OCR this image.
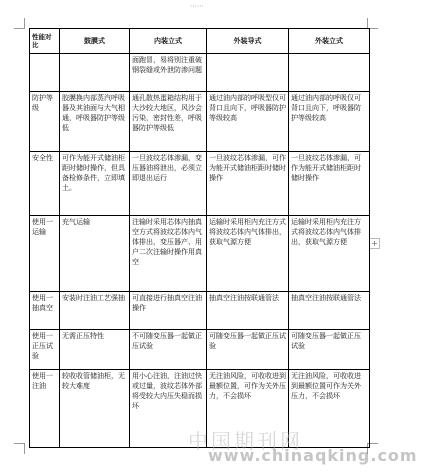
⋯⋯
+
性能对比	鼓膜式	内装立式	外装导式	外装立式
		面跑冒，易将别注重破钢裂缝或外泄防渗问题		
防护等级	胶膜换内部蒸汽呼吸器及其油面与大气相通，呼吸器防护等级低	通孔散热蛋箱结构用于大沙较大地区，风沙会污染，密封性差，呼吸器防护等级低	通过油内部的呼吸型仅可背口且向下，呼吸器防护等级较高	通过油内部的呼吸仅可背口且向下，呼吸器防护等级较高
安全性	可作为能开式储油柜距时储时操作，但具备检修条件，立即填土。	一旦波纹芯体渗漏，变压器油将泄出，必须立即退出运行	一旦波纹芯体渗漏，可作为能开式储油柜距时储时操作	一旦波纹芯体渗漏，可作为能开式储油柜距时储时操作
使用一运输	充气运输	注输时采用芯体内抽真空方式将波纹芯体内气体排出，变压器产、用户二次注输时操作用真空	运输时采用柜内充注方式将波纹芯体内气体排出，获取气源方便	运输时采用柜内充注方式将波纹芯体内气体排出，获取气源方便
使用一抽真空	安装时注油工艺强抽	可直接进行抽真空注油操作	抽真空注油按联通管法	抽真空注油按联通管法
使用一正压试验	无需正压特性	不可随变压器一起做正压试验	可随变压器一起做正压试验	可随变压器一起做正压试验
使用一注油	较收收管储油柜，无较大难度	用小心注油，注油过快或过量，波纹芯体外部将受较大内压失稳而损坏	无注油风险，可收收进到最额位置，可作为关外压力，不会损坏	无注油风险，可收收进到最额位置可作为关外压力，不会损坏
中国期刊网
www.chinaqking.com
